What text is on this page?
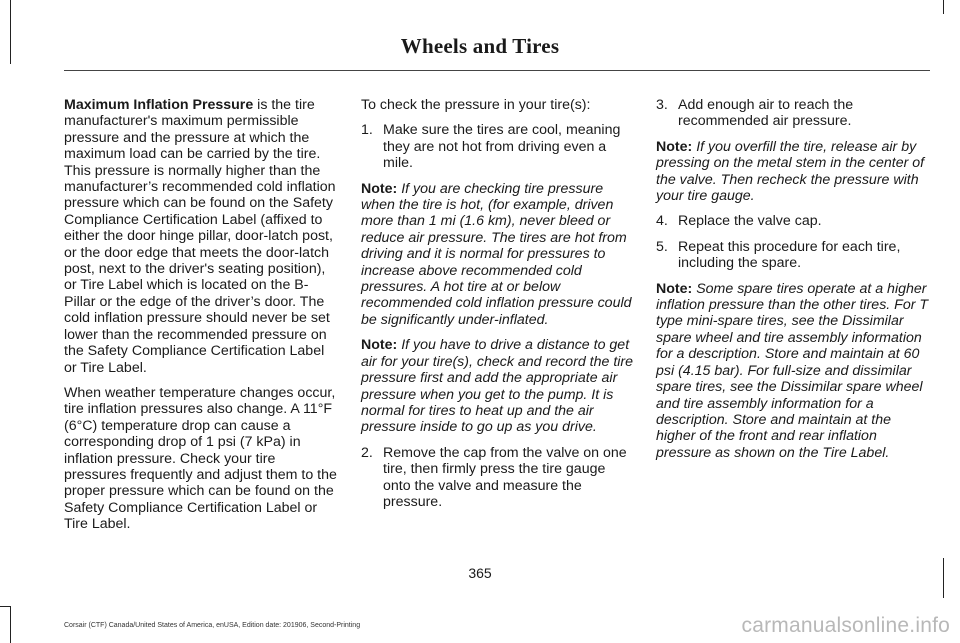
Wheels and Tires

Maximum Inflation Pressure is the tire manufacturer's maximum permissible pressure and the pressure at which the maximum load can be carried by the tire. This pressure is normally higher than the manufacturer’s recommended cold inflation pressure which can be found on the Safety Compliance Certification Label (affixed to either the door hinge pillar, door-latch post, or the door edge that meets the door-latch post, next to the driver's seating position), or Tire Label which is located on the B-Pillar or the edge of the driver’s door. The cold inflation pressure should never be set lower than the recommended pressure on the Safety Compliance Certification Label or Tire Label.

When weather temperature changes occur, tire inflation pressures also change. A 11°F (6°C) temperature drop can cause a corresponding drop of 1 psi (7 kPa) in inflation pressure. Check your tire pressures frequently and adjust them to the proper pressure which can be found on the Safety Compliance Certification Label or Tire Label.

To check the pressure in your tire(s):

1. Make sure the tires are cool, meaning they are not hot from driving even a mile.

Note: If you are checking tire pressure when the tire is hot, (for example, driven more than 1 mi (1.6 km), never bleed or reduce air pressure. The tires are hot from driving and it is normal for pressures to increase above recommended cold pressures. A hot tire at or below recommended cold inflation pressure could be significantly under-inflated.

Note: If you have to drive a distance to get air for your tire(s), check and record the tire pressure first and add the appropriate air pressure when you get to the pump. It is normal for tires to heat up and the air pressure inside to go up as you drive.

2. Remove the cap from the valve on one tire, then firmly press the tire gauge onto the valve and measure the pressure.
3. Add enough air to reach the recommended air pressure.

Note: If you overfill the tire, release air by pressing on the metal stem in the center of the valve. Then recheck the pressure with your tire gauge.

4. Replace the valve cap.
5. Repeat this procedure for each tire, including the spare.

Note: Some spare tires operate at a higher inflation pressure than the other tires. For T type mini-spare tires, see the Dissimilar spare wheel and tire assembly information for a description. Store and maintain at 60 psi (4.15 bar). For full-size and dissimilar spare tires, see the Dissimilar spare wheel and tire assembly information for a description. Store and maintain at the higher of the front and rear inflation pressure as shown on the Tire Label.

365
Corsair (CTF) Canada/United States of America, enUSA, Edition date: 201906, Second-Printing	carmanualsonline.info
